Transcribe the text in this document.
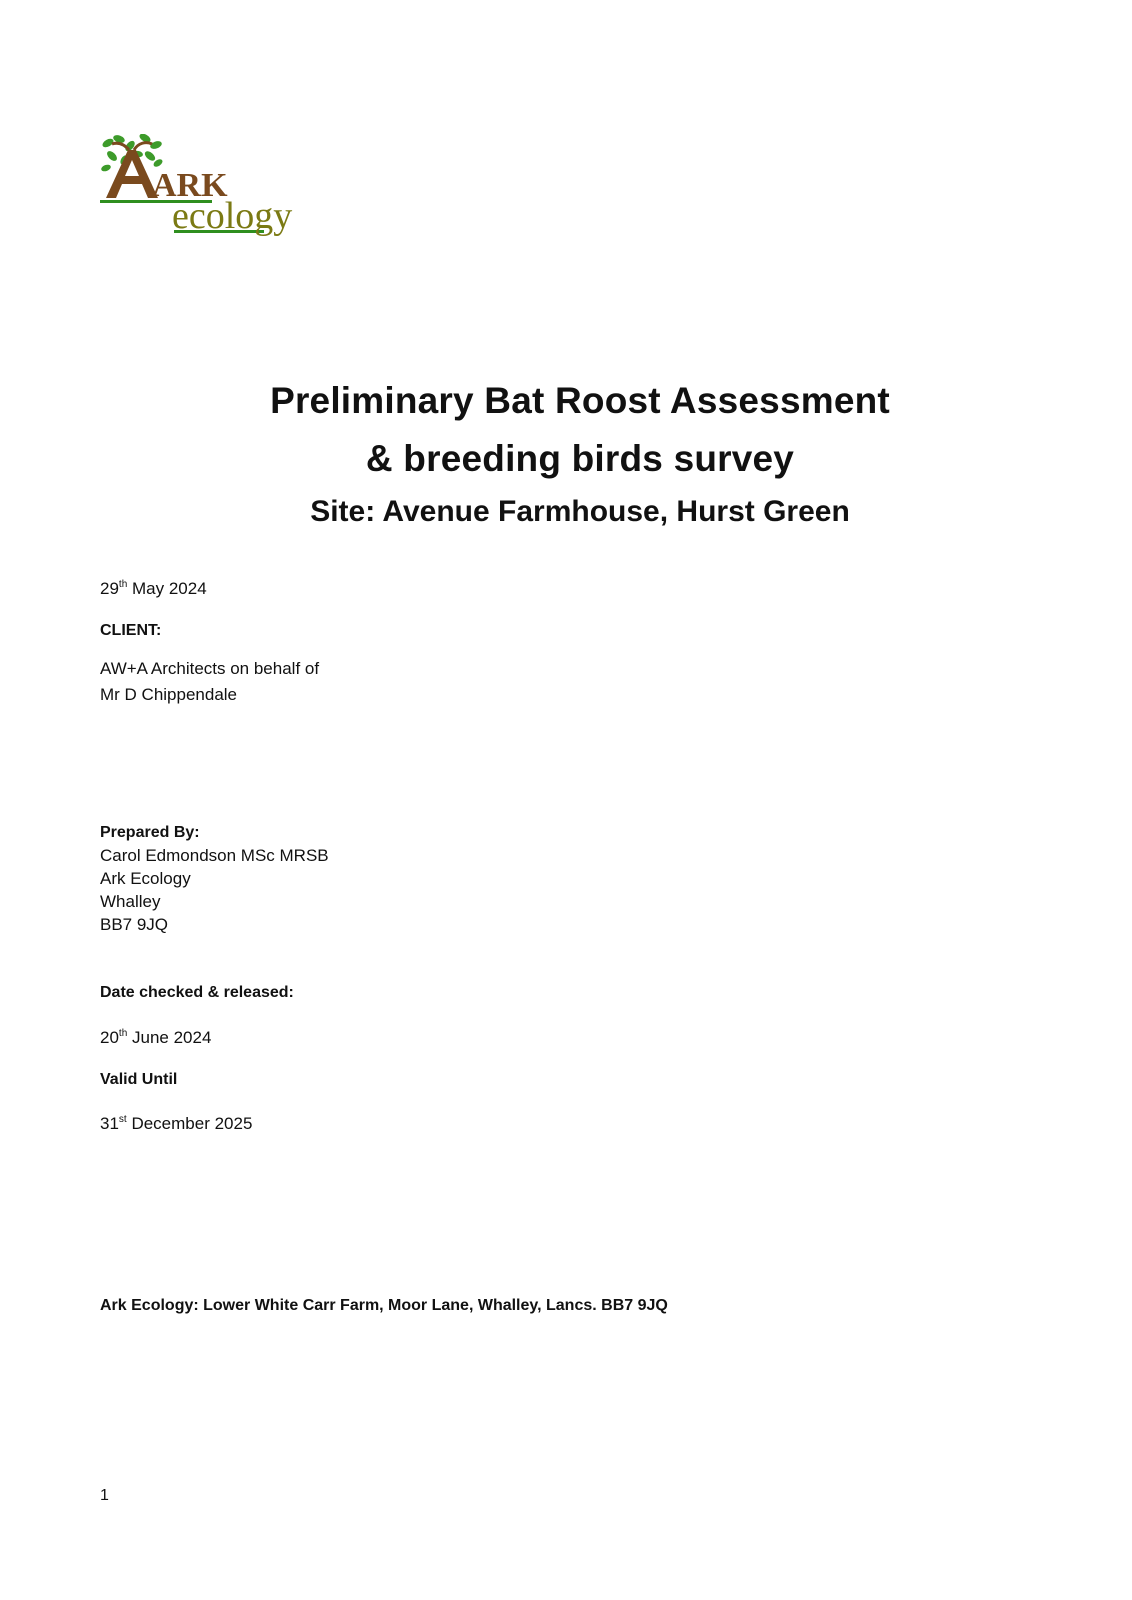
ARK
ecology
Preliminary Bat Roost Assessment
& breeding birds survey
Site: Avenue Farmhouse, Hurst Green
29th May 2024
CLIENT:
AW+A Architects on behalf of
Mr D Chippendale
Prepared By:
Carol Edmondson MSc MRSB
Ark Ecology
Whalley
BB7 9JQ
Date checked & released:
20th June 2024
Valid Until
31st December 2025
Ark Ecology: Lower White Carr Farm, Moor Lane, Whalley, Lancs. BB7 9JQ
1
